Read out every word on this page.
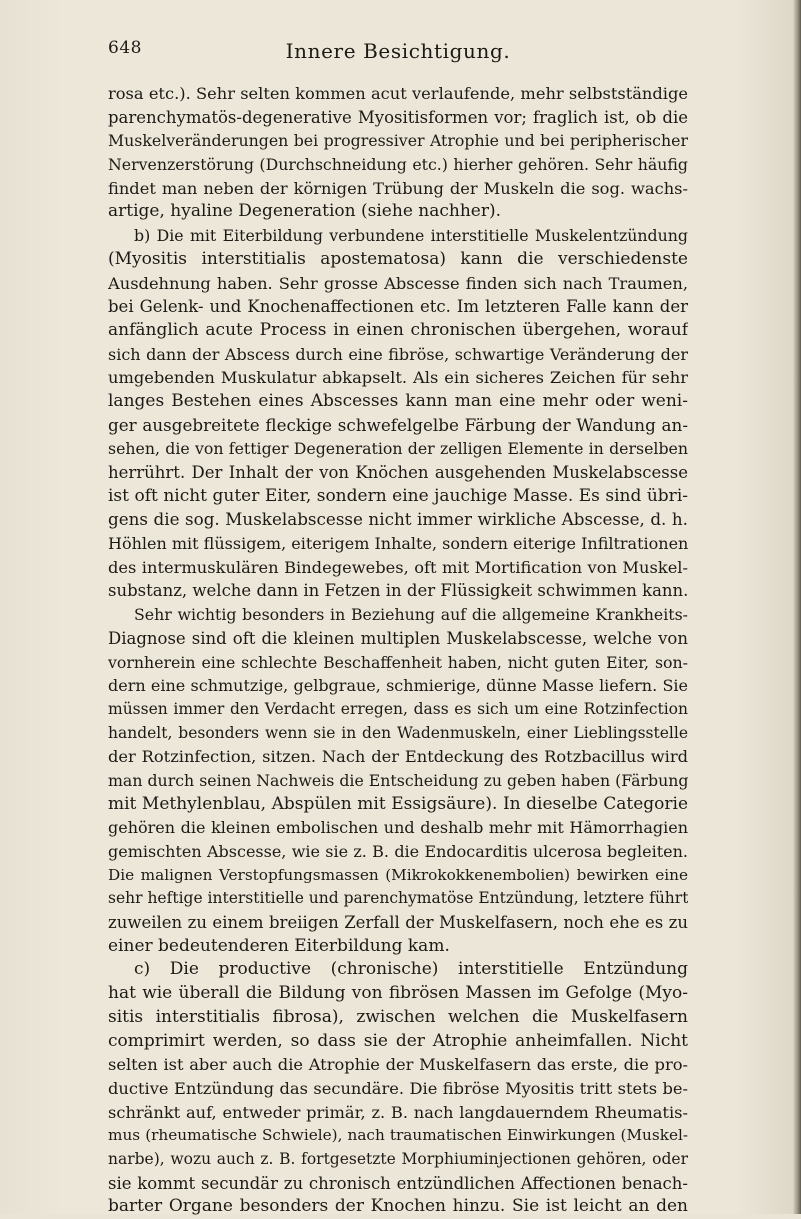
648	Innere Besichtigung.
rosa etc.). Sehr selten kommen acut verlaufende, mehr selbstständige
parenchymatös-degenerative Myositisformen vor; fraglich ist, ob die
Muskelveränderungen bei progressiver Atrophie und bei peripherischer
Nervenzerstörung (Durchschneidung etc.) hierher gehören. Sehr häufig
findet man neben der körnigen Trübung der Muskeln die sog. wachs-
artige, hyaline Degeneration (siehe nachher).
b) Die mit Eiterbildung verbundene interstitielle Muskelentzündung
(Myositis interstitialis apostematosa) kann die verschiedenste
Ausdehnung haben. Sehr grosse Abscesse finden sich nach Traumen,
bei Gelenk- und Knochenaffectionen etc. Im letzteren Falle kann der
anfänglich acute Process in einen chronischen übergehen, worauf
sich dann der Abscess durch eine fibröse, schwartige Veränderung der
umgebenden Muskulatur abkapselt. Als ein sicheres Zeichen für sehr
langes Bestehen eines Abscesses kann man eine mehr oder weni-
ger ausgebreitete fleckige schwefelgelbe Färbung der Wandung an-
sehen, die von fettiger Degeneration der zelligen Elemente in derselben
herrührt. Der Inhalt der von Knöchen ausgehenden Muskelabscesse
ist oft nicht guter Eiter, sondern eine jauchige Masse. Es sind übri-
gens die sog. Muskelabscesse nicht immer wirkliche Abscesse, d. h.
Höhlen mit flüssigem, eiterigem Inhalte, sondern eiterige Infiltrationen
des intermuskulären Bindegewebes, oft mit Mortification von Muskel-
substanz, welche dann in Fetzen in der Flüssigkeit schwimmen kann.
Sehr wichtig besonders in Beziehung auf die allgemeine Krankheits-
Diagnose sind oft die kleinen multiplen Muskelabscesse, welche von
vornherein eine schlechte Beschaffenheit haben, nicht guten Eiter, son-
dern eine schmutzige, gelbgraue, schmierige, dünne Masse liefern. Sie
müssen immer den Verdacht erregen, dass es sich um eine Rotzinfection
handelt, besonders wenn sie in den Wadenmuskeln, einer Lieblingsstelle
der Rotzinfection, sitzen. Nach der Entdeckung des Rotzbacillus wird
man durch seinen Nachweis die Entscheidung zu geben haben (Färbung
mit Methylenblau, Abspülen mit Essigsäure). In dieselbe Categorie
gehören die kleinen embolischen und deshalb mehr mit Hämorrhagien
gemischten Abscesse, wie sie z. B. die Endocarditis ulcerosa begleiten.
Die malignen Verstopfungsmassen (Mikrokokkenembolien) bewirken eine
sehr heftige interstitielle und parenchymatöse Entzündung, letztere führt
zuweilen zu einem breiigen Zerfall der Muskelfasern, noch ehe es zu
einer bedeutenderen Eiterbildung kam.
c) Die productive (chronische) interstitielle Entzündung
hat wie überall die Bildung von fibrösen Massen im Gefolge (Myo-
sitis interstitialis fibrosa), zwischen welchen die Muskelfasern
comprimirt werden, so dass sie der Atrophie anheimfallen. Nicht
selten ist aber auch die Atrophie der Muskelfasern das erste, die pro-
ductive Entzündung das secundäre. Die fibröse Myositis tritt stets be-
schränkt auf, entweder primär, z. B. nach langdauerndem Rheumatis-
mus (rheumatische Schwiele), nach traumatischen Einwirkungen (Muskel-
narbe), wozu auch z. B. fortgesetzte Morphiuminjectionen gehören, oder
sie kommt secundär zu chronisch entzündlichen Affectionen benach-
barter Organe besonders der Knochen hinzu. Sie ist leicht an den
